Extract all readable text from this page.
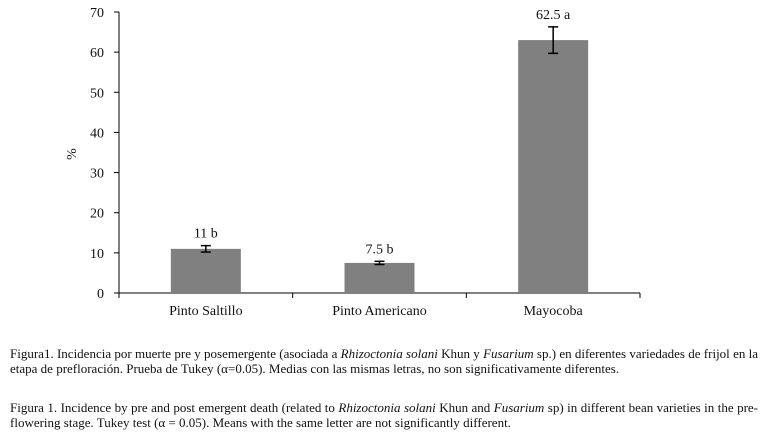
0
10
20
30
40
50
60
70
Pinto Saltillo	Pinto Americano	Mayocoba
11 b
7.5 b
62.5 a
%

Figura1. Incidencia por muerte pre y posemergente (asociada a Rhizoctonia solani Khun y Fusarium sp.) en diferentes variedades de frijol en la etapa de prefloración. Prueba de Tukey (α=0.05). Medias con las mismas letras, no son significativamente diferentes.

Figura 1. Incidence by pre and post emergent death (related to Rhizoctonia solani Khun and Fusarium sp) in different bean varieties in the pre-flowering stage. Tukey test (α = 0.05). Means with the same letter are not significantly different.
